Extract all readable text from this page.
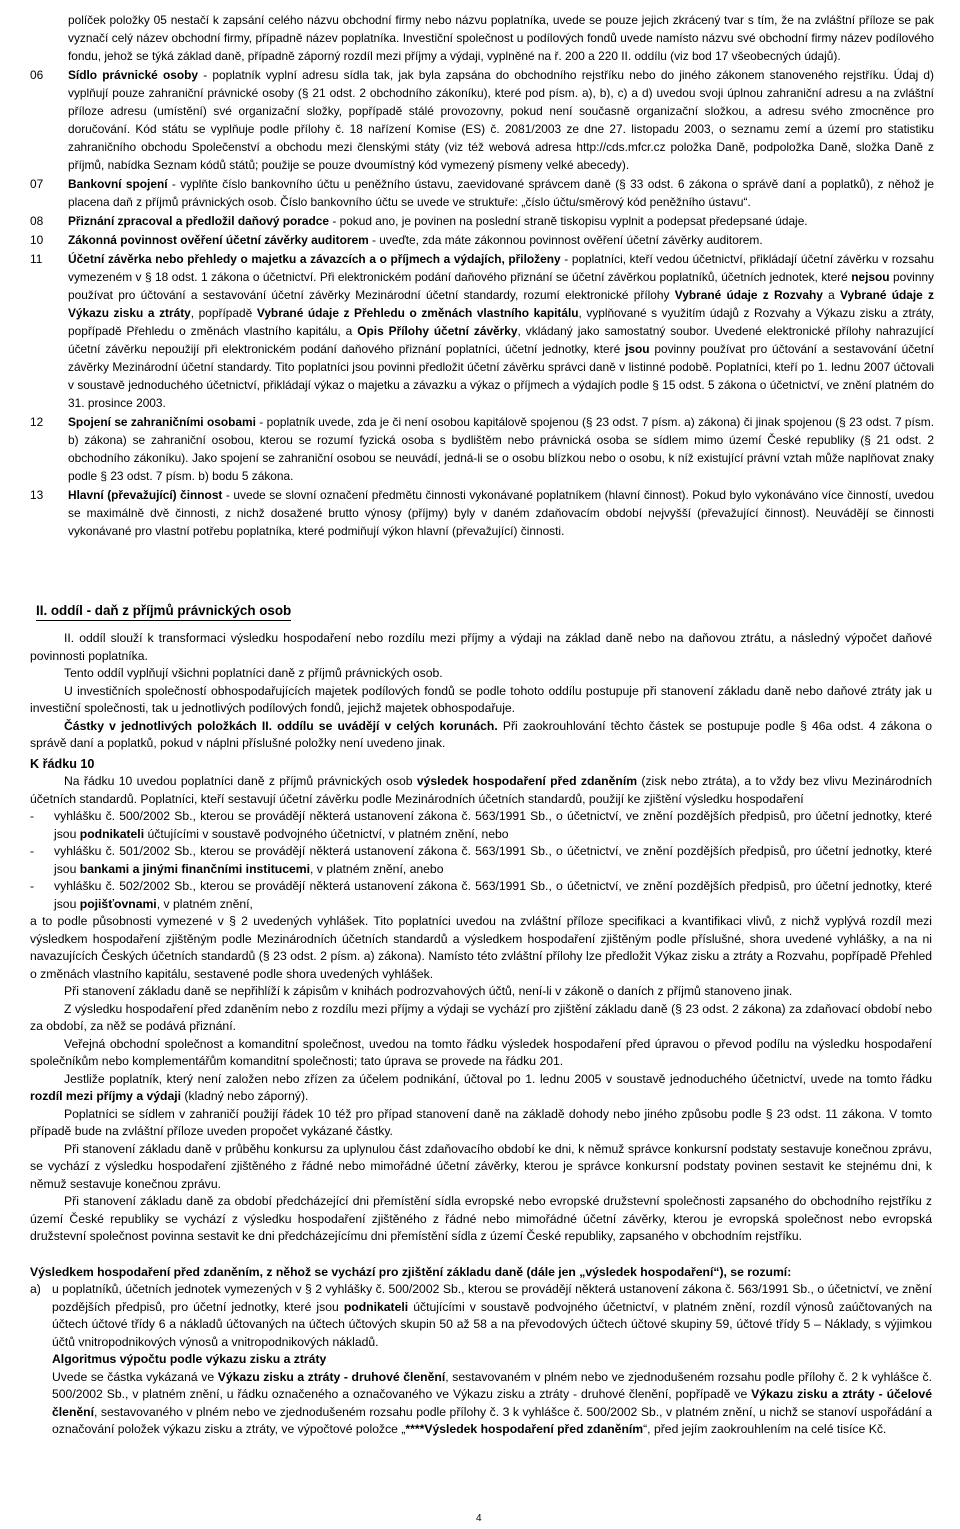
políček položky 05 nestačí k zapsání celého názvu obchodní firmy nebo názvu poplatníka, uvede se pouze jejich zkrácený tvar s tím, že na zvláštní příloze se pak vyznačí celý název obchodní firmy, případně název poplatníka. Investiční společnost u podílových fondů uvede namísto názvu své obchodní firmy název podílového fondu, jehož se týká základ daně, případně záporný rozdíl mezi příjmy a výdaji, vyplněné na ř. 200 a 220 II. oddílu (viz bod 17 všeobecných údajů).
06	Sídlo právnické osoby - poplatník vyplní adresu sídla tak, jak byla zapsána do obchodního rejstříku nebo do jiného zákonem stanoveného rejstříku. Údaj d) vyplňují pouze zahraniční právnické osoby (§ 21 odst. 2 obchodního zákoníku), které pod písm. a), b), c) a d) uvedou svoji úplnou zahraniční adresu a na zvláštní příloze adresu (umístění) své organizační složky, popřípadě stálé provozovny, pokud není současně organizační složkou, a adresu svého zmocněnce pro doručování. Kód státu se vyplňuje podle přílohy č. 18 nařízení Komise (ES) č. 2081/2003 ze dne 27. listopadu 2003, o seznamu zemí a území pro statistiku zahraničního obchodu Společenství a obchodu mezi členskými státy (viz též webová adresa http://cds.mfcr.cz položka Daně, podpoložka Daně, složka Daně z příjmů, nabídka Seznam kódů států; použije se pouze dvoumístný kód vymezený písmeny velké abecedy).
07	Bankovní spojení - vyplňte číslo bankovního účtu u peněžního ústavu, zaevidované správcem daně (§ 33 odst. 6 zákona o správě daní a poplatků), z něhož je placena daň z příjmů právnických osob. Číslo bankovního účtu se uvede ve struktuře: „číslo účtu/směrový kód peněžního ústavu“.
08	Přiznání zpracoval a předložil daňový poradce - pokud ano, je povinen na poslední straně tiskopisu vyplnit a podepsat předepsané údaje.
10	Zákonná povinnost ověření účetní závěrky auditorem - uveďte, zda máte zákonnou povinnost ověření účetní závěrky auditorem.
11	Účetní závěrka nebo přehledy o majetku a závazcích a o příjmech a výdajích, přiloženy - poplatníci, kteří vedou účetnictví, přikládají účetní závěrku v rozsahu vymezeném v § 18 odst. 1 zákona o účetnictví. Při elektronickém podání daňového přiznání se účetní závěrkou poplatníků, účetních jednotek, které nejsou povinny používat pro účtování a sestavování účetní závěrky Mezinárodní účetní standardy, rozumí elektronické přílohy Vybrané údaje z Rozvahy a Vybrané údaje z Výkazu zisku a ztráty, popřípadě Vybrané údaje z Přehledu o změnách vlastního kapitálu, vyplňované s využitím údajů z Rozvahy a Výkazu zisku a ztráty, popřípadě Přehledu o změnách vlastního kapitálu, a Opis Přílohy účetní závěrky, vkládaný jako samostatný soubor. Uvedené elektronické přílohy nahrazující účetní závěrku nepoužijí při elektronickém podání daňového přiznání poplatníci, účetní jednotky, které jsou povinny používat pro účtování a sestavování účetní závěrky Mezinárodní účetní standardy. Tito poplatníci jsou povinni předložit účetní závěrku správci daně v listinné podobě. Poplatníci, kteří po 1. lednu 2007 účtovali v soustavě jednoduchého účetnictví, přikládají výkaz o majetku a závazku a výkaz o příjmech a výdajích podle § 15 odst. 5 zákona o účetnictví, ve znění platném do 31. prosince 2003.
12	Spojení se zahraničními osobami - poplatník uvede, zda je či není osobou kapitálově spojenou (§ 23 odst. 7 písm. a) zákona) či jinak spojenou (§ 23 odst. 7 písm. b) zákona) se zahraniční osobou, kterou se rozumí fyzická osoba s bydlištěm nebo právnická osoba se sídlem mimo území České republiky (§ 21 odst. 2 obchodního zákoníku). Jako spojení se zahraniční osobou se neuvádí, jedná-li se o osobu blízkou nebo o osobu, k níž existující právní vztah může naplňovat znaky podle § 23 odst. 7 písm. b) bodu 5 zákona.
13	Hlavní (převažující) činnost - uvede se slovní označení předmětu činnosti vykonávané poplatníkem (hlavní činnost). Pokud bylo vykonáváno více činností, uvedou se maximálně dvě činnosti, z nichž dosažené brutto výnosy (příjmy) byly v daném zdaňovacím období nejvyšší (převažující činnost). Neuvádějí se činnosti vykonávané pro vlastní potřebu poplatníka, které podmiňují výkon hlavní (převažující) činnosti.
II. oddíl - daň z příjmů právnických osob

II. oddíl slouží k transformaci výsledku hospodaření nebo rozdílu mezi příjmy a výdaji na základ daně nebo na daňovou ztrátu, a následný výpočet daňové povinnosti poplatníka.

Tento oddíl vyplňují všichni poplatníci daně z příjmů právnických osob.

U investičních společností obhospodařujících majetek podílových fondů se podle tohoto oddílu postupuje při stanovení základu daně nebo daňové ztráty jak u investiční společnosti, tak u jednotlivých podílových fondů, jejichž majetek obhospodařuje.

Částky v jednotlivých položkách II. oddílu se uvádějí v celých korunách. Při zaokrouhlování těchto částek se postupuje podle § 46a odst. 4 zákona o správě daní a poplatků, pokud v náplni příslušné položky není uvedeno jinak.

K řádku 10

Na řádku 10 uvedou poplatníci daně z příjmů právnických osob výsledek hospodaření před zdaněním (zisk nebo ztráta), a to vždy bez vlivu Mezinárodních účetních standardů. Poplatníci, kteří sestavují účetní závěrku podle Mezinárodních účetních standardů, použijí ke zjištění výsledku hospodaření

- vyhlášku č. 500/2002 Sb., kterou se provádějí některá ustanovení zákona č. 563/1991 Sb., o účetnictví, ve znění pozdějších předpisů, pro účetní jednotky, které jsou podnikateli účtujícími v soustavě podvojného účetnictví, v platném znění, nebo

- vyhlášku č. 501/2002 Sb., kterou se provádějí některá ustanovení zákona č. 563/1991 Sb., o účetnictví, ve znění pozdějších předpisů, pro účetní jednotky, které jsou bankami a jinými finančními institucemi, v platném znění, anebo

- vyhlášku č. 502/2002 Sb., kterou se provádějí některá ustanovení zákona č. 563/1991 Sb., o účetnictví, ve znění pozdějších předpisů, pro účetní jednotky, které jsou pojišťovnami, v platném znění,

a to podle působnosti vymezené v § 2 uvedených vyhlášek. Tito poplatníci uvedou na zvláštní příloze specifikaci a kvantifikaci vlivů, z nichž vyplývá rozdíl mezi výsledkem hospodaření zjištěným podle Mezinárodních účetních standardů a výsledkem hospodaření zjištěným podle příslušné, shora uvedené vyhlášky, a na ni navazujících Českých účetních standardů (§ 23 odst. 2 písm. a) zákona). Namísto této zvláštní přílohy lze předložit Výkaz zisku a ztráty a Rozvahu, popřípadě Přehled o změnách vlastního kapitálu, sestavené podle shora uvedených vyhlášek.

Při stanovení základu daně se nepřihlíží k zápisům v knihách podrozvahových účtů, není-li v zákoně o daních z příjmů stanoveno jinak.

Z výsledku hospodaření před zdaněním nebo z rozdílu mezi příjmy a výdaji se vychází pro zjištění základu daně (§ 23 odst. 2 zákona) za zdaňovací období nebo za období, za něž se podává přiznání.

Veřejná obchodní společnost a komanditní společnost, uvedou na tomto řádku výsledek hospodaření před úpravou o převod podílu na výsledku hospodaření společníkům nebo komplementářům komanditní společnosti; tato úprava se provede na řádku 201.

Jestliže poplatník, který není založen nebo zřízen za účelem podnikání, účtoval po 1. lednu 2005 v soustavě jednoduchého účetnictví, uvede na tomto řádku rozdíl mezi příjmy a výdaji (kladný nebo záporný).

Poplatníci se sídlem v zahraničí použijí řádek 10 též pro případ stanovení daně na základě dohody nebo jiného způsobu podle § 23 odst. 11 zákona. V tomto případě bude na zvláštní příloze uveden propočet vykázané částky.

Při stanovení základu daně v průběhu konkursu za uplynulou část zdaňovacího období ke dni, k němuž správce konkursní podstaty sestavuje konečnou zprávu, se vychází z výsledku hospodaření zjištěného z řádné nebo mimořádné účetní závěrky, kterou je správce konkursní podstaty povinen sestavit ke stejnému dni, k němuž sestavuje konečnou zprávu.

Při stanovení základu daně za období předcházející dni přemístění sídla evropské nebo evropské družstevní společnosti zapsaného do obchodního rejstříku z území České republiky se vychází z výsledku hospodaření zjištěného z řádné nebo mimořádné účetní závěrky, kterou je evropská společnost nebo evropská družstevní společnost povinna sestavit ke dni předcházejícímu dni přemístění sídla z území České republiky, zapsaného v obchodním rejstříku.

Výsledkem hospodaření před zdaněním, z něhož se vychází pro zjištění základu daně (dále jen „výsledek hospodaření“), se rozumí:

a) u poplatníků, účetních jednotek vymezených v § 2 vyhlášky č. 500/2002 Sb., kterou se provádějí některá ustanovení zákona č. 563/1991 Sb., o účetnictví, ve znění pozdějších předpisů, pro účetní jednotky, které jsou podnikateli účtujícími v soustavě podvojného účetnictví, v platném znění, rozdíl výnosů zaúčtovaných na účtech účtové třídy 6 a nákladů účtovaných na účtech účtových skupin 50 až 58 a na převodových účtech účtové skupiny 59, účtové třídy 5 – Náklady, s výjimkou účtů vnitropodnikových výnosů a vnitropodnikových nákladů.

Algoritmus výpočtu podle výkazu zisku a ztráty

Uvede se částka vykázaná ve Výkazu zisku a ztráty - druhové členění, sestavovaném v plném nebo ve zjednodušeném rozsahu podle přílohy č. 2 k vyhlášce č. 500/2002 Sb., v platném znění, u řádku označeného a označovaného ve Výkazu zisku a ztráty - druhové členění, popřípadě ve Výkazu zisku a ztráty - účelové členění, sestavovaného v plném nebo ve zjednodušeném rozsahu podle přílohy č. 3 k vyhlášce č. 500/2002 Sb., v platném znění, u nichž se stanoví uspořádání a označování položek výkazu zisku a ztráty, ve výpočtové položce „****Výsledek hospodaření před zdaněním“, před jejím zaokrouhlením na celé tisíce Kč.

4
